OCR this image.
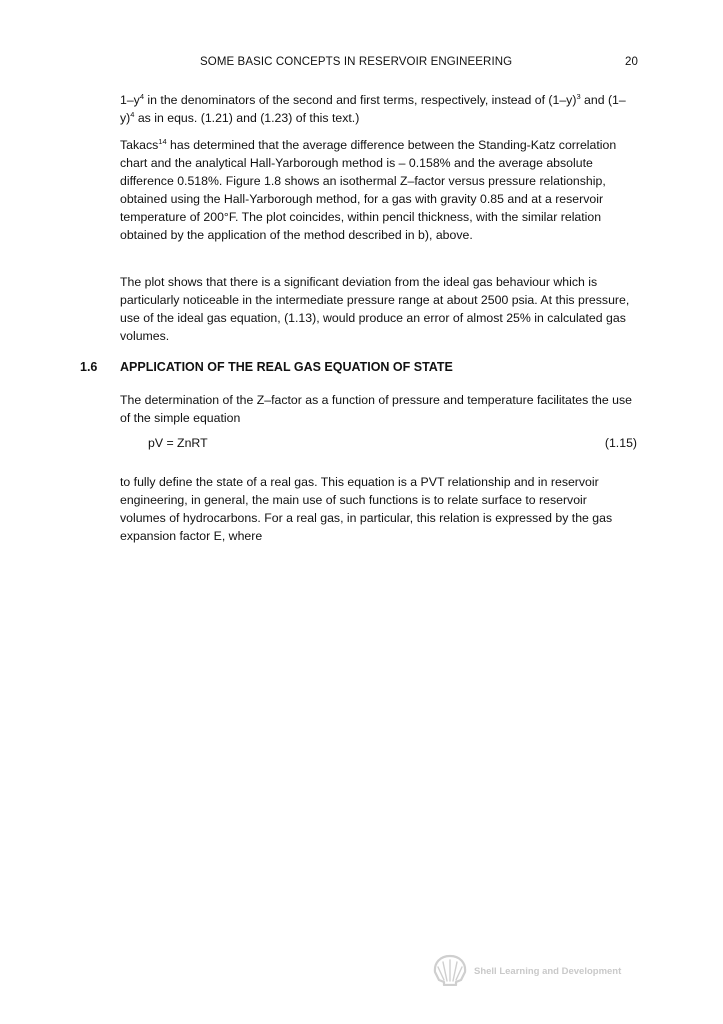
SOME BASIC CONCEPTS IN RESERVOIR ENGINEERING	20

$1-y^4$ in the denominators of the second and first terms, respectively, instead of $(1-y)^3$ and $(1-y)^4$ as in equs. (1.21) and (1.23) of this text.)

Takacs$^{14}$ has determined that the average difference between the Standing-Katz correlation chart and the analytical Hall-Yarborough method is – 0.158% and the average absolute difference 0.518%. Figure 1.8 shows an isothermal Z–factor versus pressure relationship, obtained using the Hall-Yarborough method, for a gas with gravity 0.85 and at a reservoir temperature of 200°F. The plot coincides, within pencil thickness, with the similar relation obtained by the application of the method described in b), above.

The plot shows that there is a significant deviation from the ideal gas behaviour which is particularly noticeable in the intermediate pressure range at about 2500 psia. At this pressure, use of the ideal gas equation, (1.13), would produce an error of almost 25% in calculated gas volumes.

1.6 APPLICATION OF THE REAL GAS EQUATION OF STATE

The determination of the Z–factor as a function of pressure and temperature facilitates the use of the simple equation

pV = ZnRT	(1.15)

to fully define the state of a real gas. This equation is a PVT relationship and in reservoir engineering, in general, the main use of such functions is to relate surface to reservoir volumes of hydrocarbons. For a real gas, in particular, this relation is expressed by the gas expansion factor E, where

Shell Learning and Development
